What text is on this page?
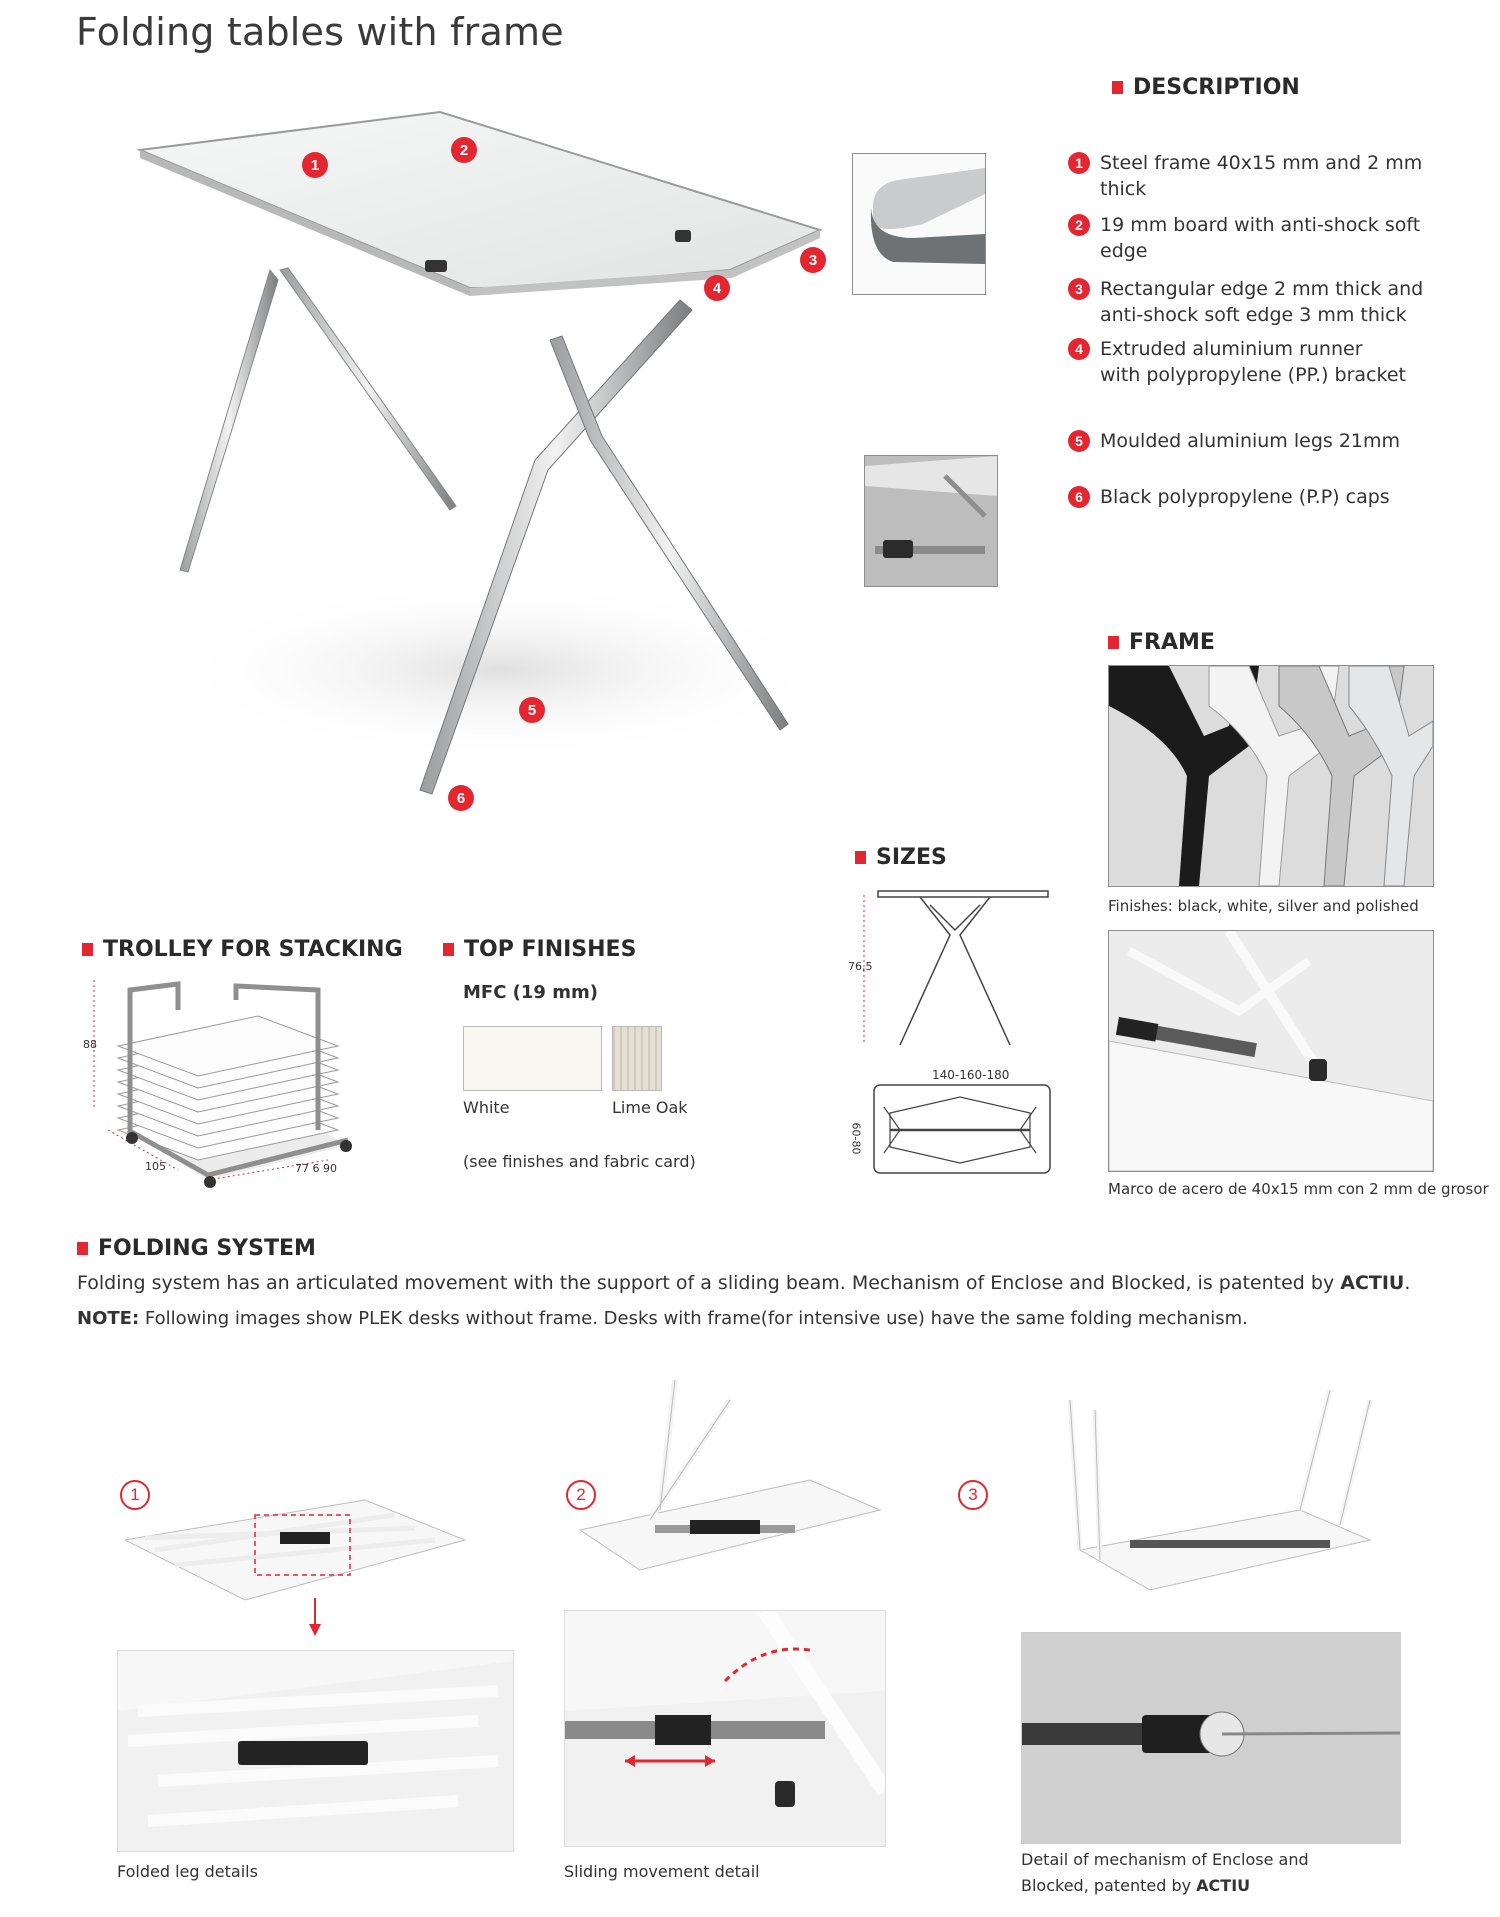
Folding tables with frame
1
2
3
4
5
6
DESCRIPTION
1 Steel frame 40x15 mm and 2 mm
thick
2 19 mm board with anti-shock soft
edge
3 Rectangular edge 2 mm thick and
anti-shock soft edge 3 mm thick
4 Extruded aluminium runner
with polypropylene (PP.) bracket
5 Moulded aluminium legs 21mm
6 Black polypropylene (P.P) caps
FRAME
Finishes: black, white, silver and polished
Marco de acero de 40x15 mm con 2 mm de grosor
SIZES
76,5
140-160-180
60-80
TROLLEY FOR STACKING
88
105	77 6 90
TOP FINISHES
MFC (19 mm)
White	Lime Oak
(see finishes and fabric card)
FOLDING SYSTEM
Folding system has an articulated movement with the support of a sliding beam. Mechanism of Enclose and Blocked, is patented by ACTIU.
NOTE: Following images show PLEK desks without frame. Desks with frame(for intensive use) have the same folding mechanism.
1	2	3
Folded leg details	Sliding movement detail
Detail of mechanism of Enclose and
Blocked, patented by ACTIU
